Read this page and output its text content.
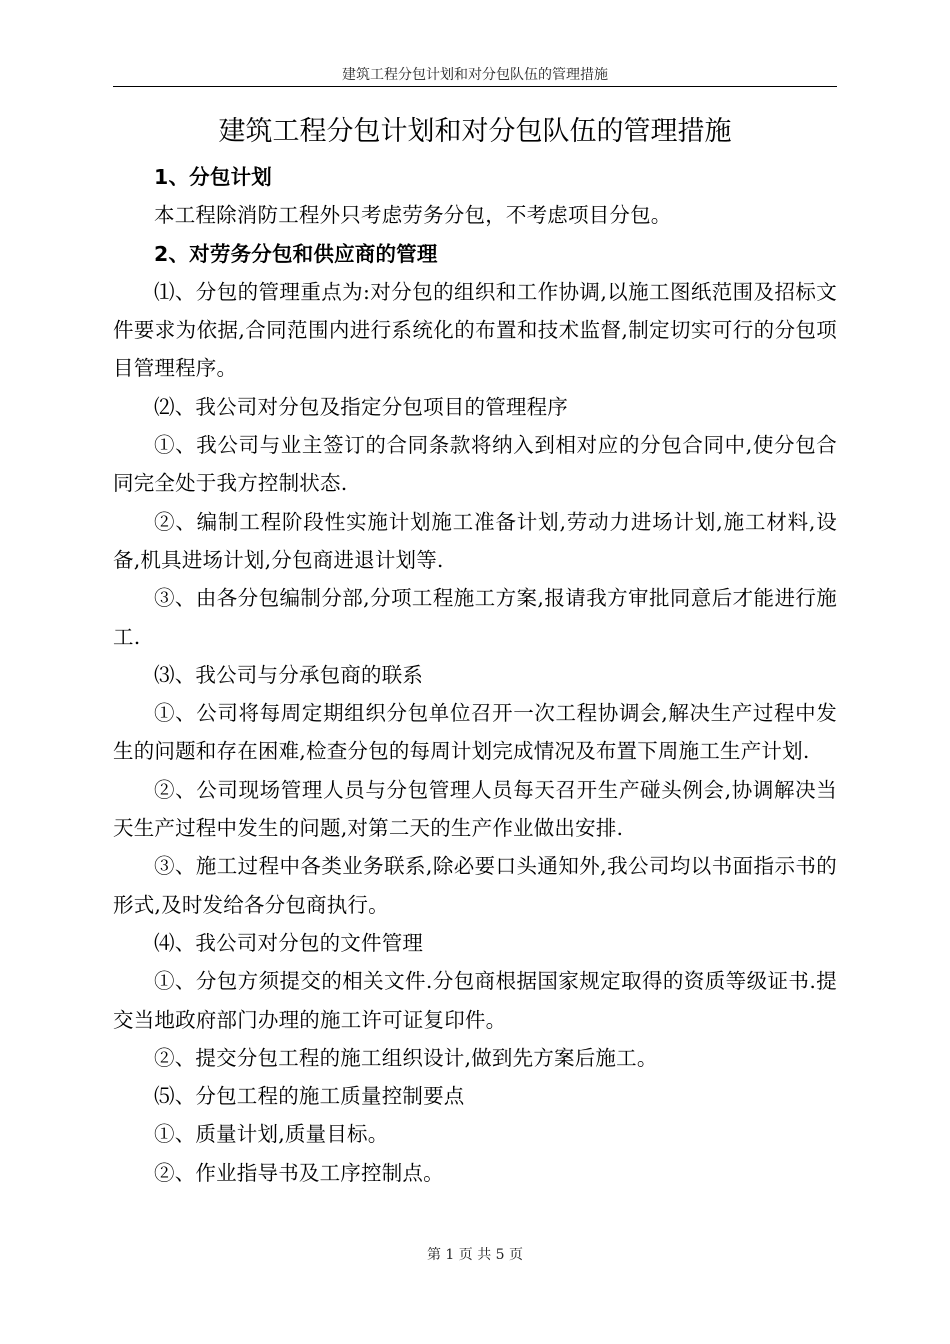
建筑工程分包计划和对分包队伍的管理措施
建筑工程分包计划和对分包队伍的管理措施

1、分包计划

本工程除消防工程外只考虑劳务分包，不考虑项目分包。

2、对劳务分包和供应商的管理

⑴、分包的管理重点为:对分包的组织和工作协调,以施工图纸范围及招标文件要求为依据,合同范围内进行系统化的布置和技术监督,制定切实可行的分包项目管理程序。

⑵、我公司对分包及指定分包项目的管理程序

①、我公司与业主签订的合同条款将纳入到相对应的分包合同中,使分包合同完全处于我方控制状态.

②、编制工程阶段性实施计划施工准备计划,劳动力进场计划,施工材料,设备,机具进场计划,分包商进退计划等.

③、由各分包编制分部,分项工程施工方案,报请我方审批同意后才能进行施工.

⑶、我公司与分承包商的联系

①、公司将每周定期组织分包单位召开一次工程协调会,解决生产过程中发生的问题和存在困难,检查分包的每周计划完成情况及布置下周施工生产计划.

②、公司现场管理人员与分包管理人员每天召开生产碰头例会,协调解决当天生产过程中发生的问题,对第二天的生产作业做出安排.

③、施工过程中各类业务联系,除必要口头通知外,我公司均以书面指示书的形式,及时发给各分包商执行。

⑷、我公司对分包的文件管理

①、分包方须提交的相关文件.分包商根据国家规定取得的资质等级证书.提交当地政府部门办理的施工许可证复印件。

②、提交分包工程的施工组织设计,做到先方案后施工。

⑸、分包工程的施工质量控制要点

①、质量计划,质量目标。

②、作业指导书及工序控制点。

第 1 页 共 5 页
